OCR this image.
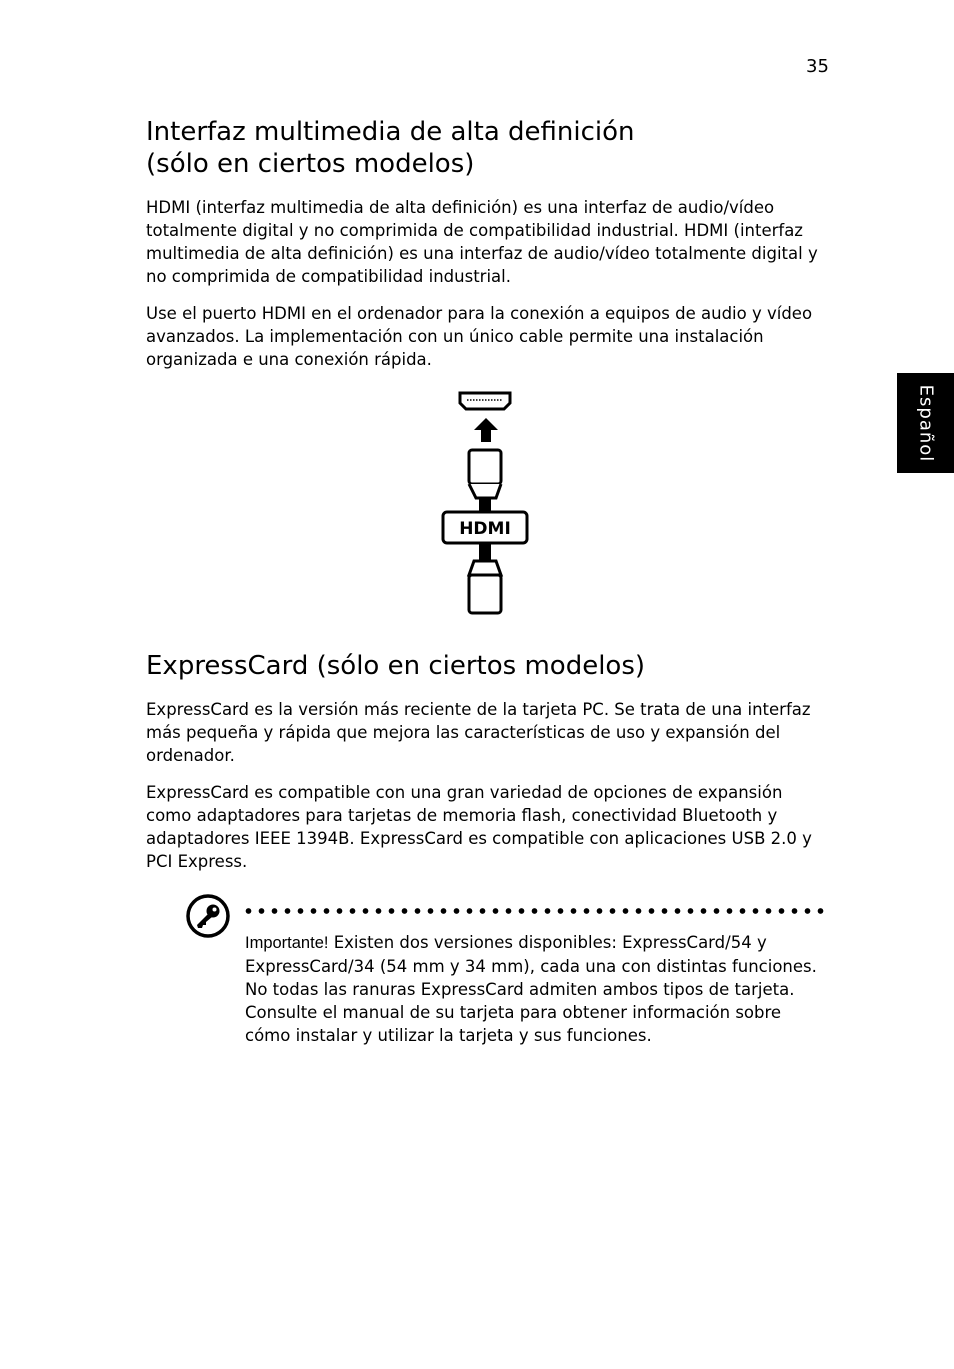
35
Español
Interfaz multimedia de alta definición
(sólo en ciertos modelos)

HDMI (interfaz multimedia de alta definición) es una interfaz de audio/vídeo totalmente digital y no comprimida de compatibilidad industrial. HDMI (interfaz multimedia de alta definición) es una interfaz de audio/vídeo totalmente digital y no comprimida de compatibilidad industrial.

Use el puerto HDMI en el ordenador para la conexión a equipos de audio y vídeo avanzados. La implementación con un único cable permite una instalación organizada e una conexión rápida.

HDMI
ExpressCard (sólo en ciertos modelos)

ExpressCard es la versión más reciente de la tarjeta PC. Se trata de una interfaz más pequeña y rápida que mejora las características de uso y expansión del ordenador.

ExpressCard es compatible con una gran variedad de opciones de expansión como adaptadores para tarjetas de memoria flash, conectividad Bluetooth y adaptadores IEEE 1394B. ExpressCard es compatible con aplicaciones USB 2.0 y PCI Express.

Importante! Existen dos versiones disponibles: ExpressCard/54 y ExpressCard/34 (54 mm y 34 mm), cada una con distintas funciones. No todas las ranuras ExpressCard admiten ambos tipos de tarjeta. Consulte el manual de su tarjeta para obtener información sobre cómo instalar y utilizar la tarjeta y sus funciones.
